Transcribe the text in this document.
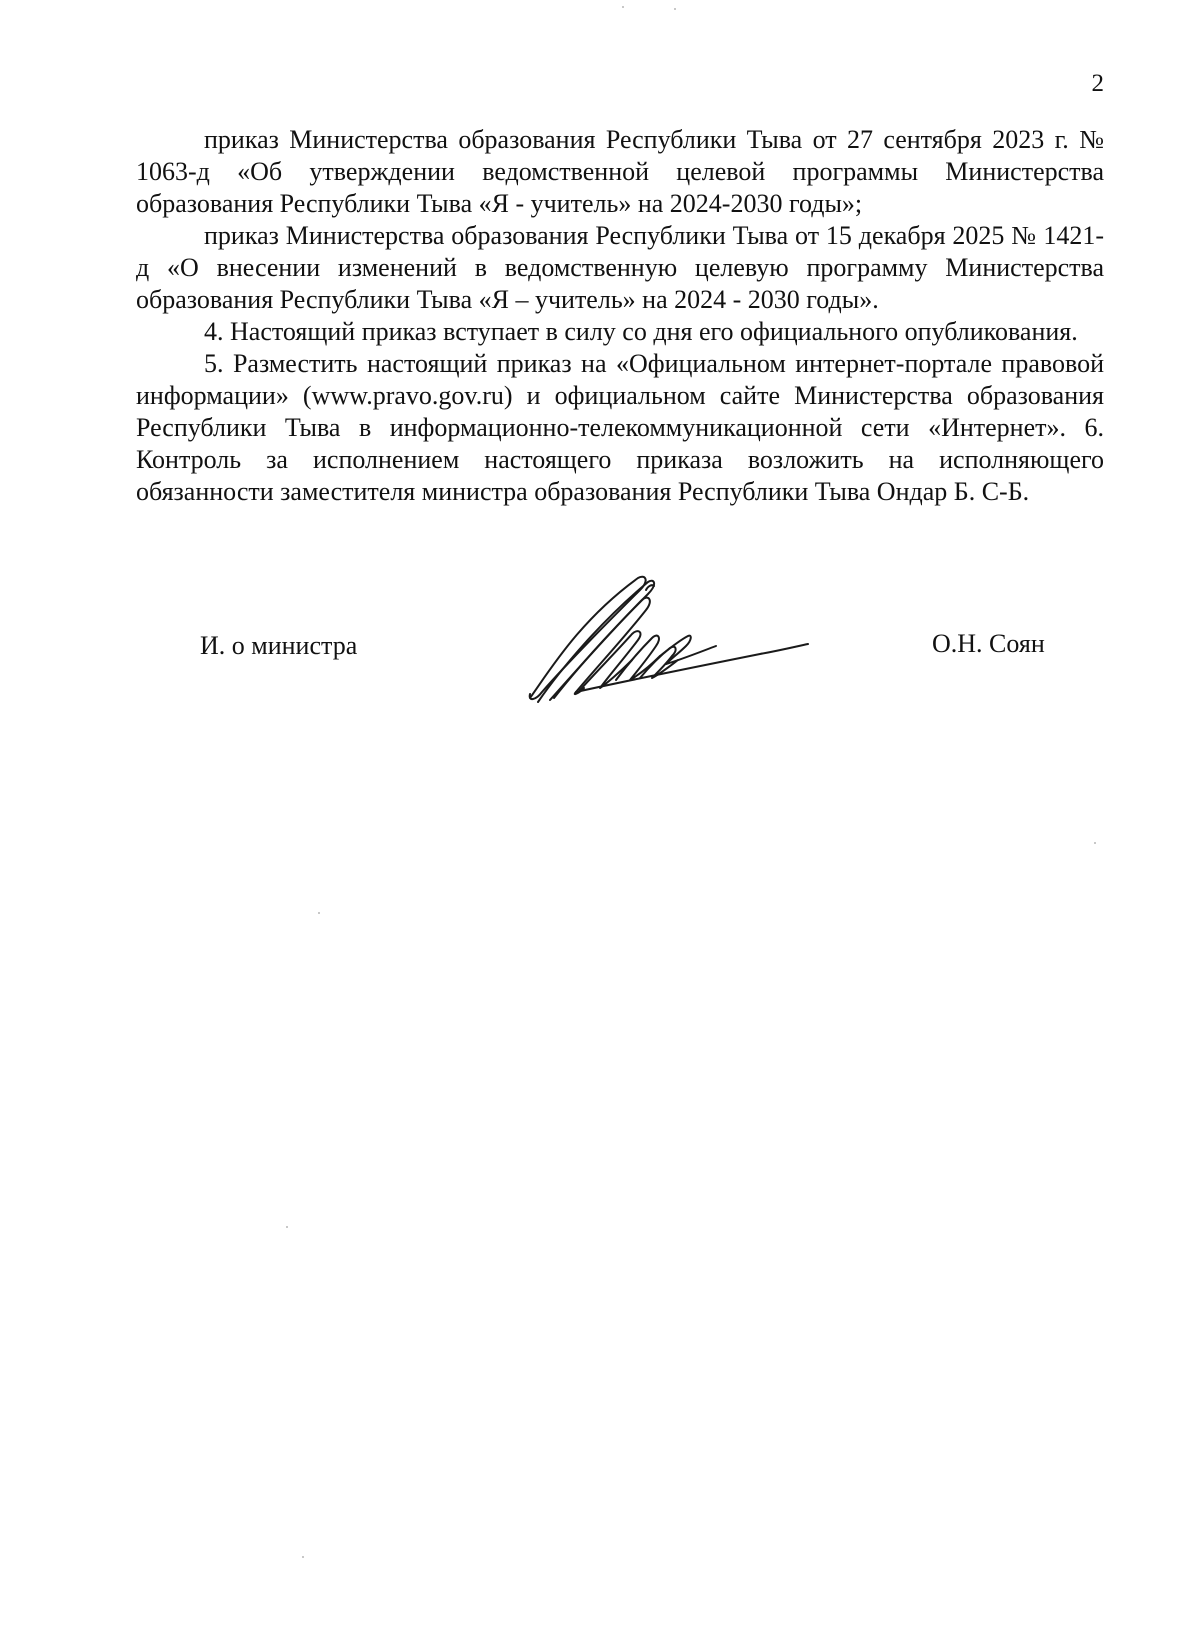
2

приказ Министерства образования Республики Тыва от 27 сентября 2023 г. № 1063-д «Об утверждении ведомственной целевой программы Министерства образования Республики Тыва «Я - учитель» на 2024-2030 годы»;

приказ Министерства образования Республики Тыва от 15 декабря 2025 № 1421-д «О внесении изменений в ведомственную целевую программу Министерства образования Республики Тыва «Я – учитель» на 2024 - 2030 годы».

4. Настоящий приказ вступает в силу со дня его официального опубликования.

5. Разместить настоящий приказ на «Официальном интернет-портале правовой информации» (www.pravo.gov.ru) и официальном сайте Министерства образования Республики Тыва в информационно-телекоммуникационной сети «Интернет». 6. Контроль за исполнением настоящего приказа возложить на исполняющего обязанности заместителя министра образования Республики Тыва Ондар Б. С-Б.

И. о министра	О.Н. Соян
